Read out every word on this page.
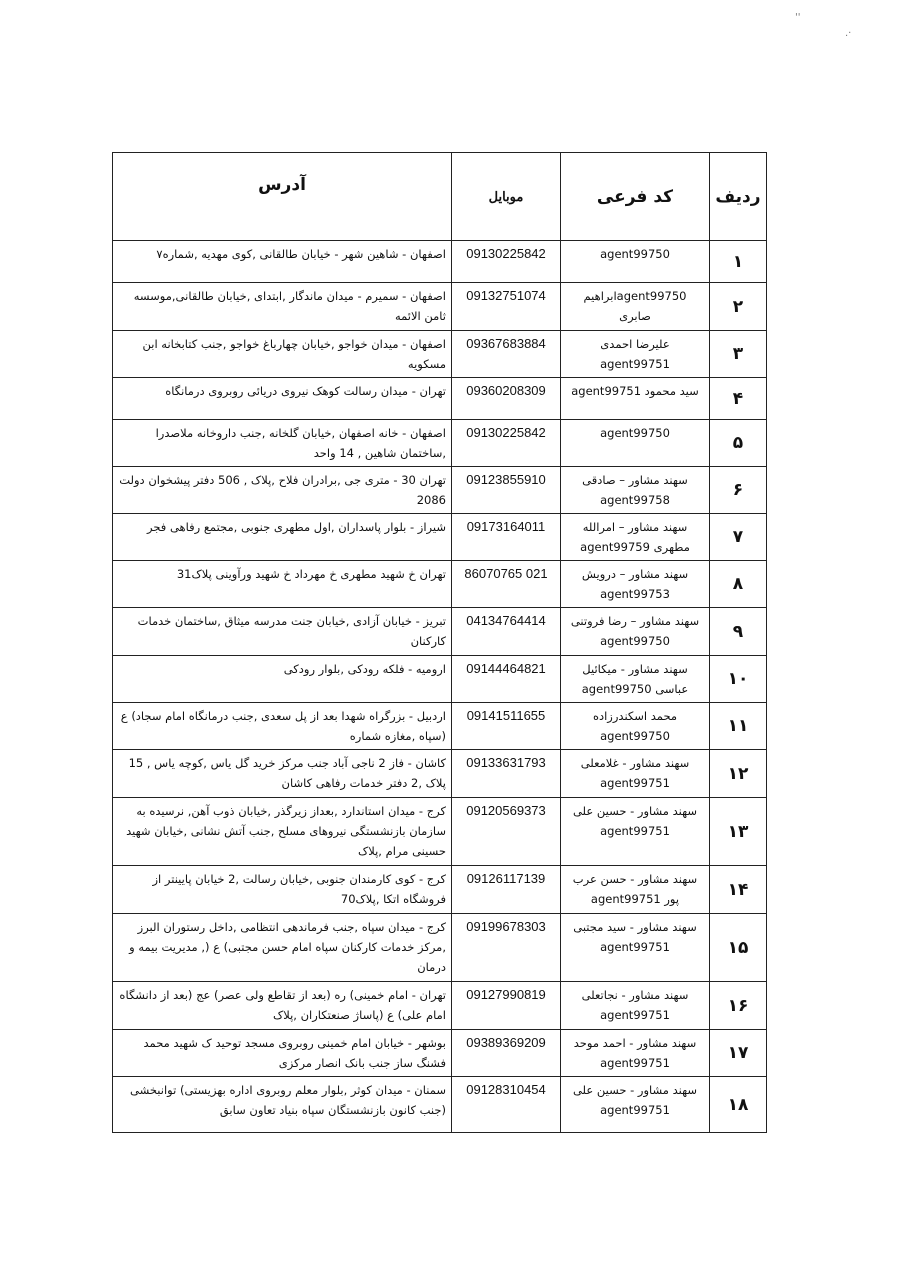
''
.·
ردیف	کد فرعی	موبایل	آدرس
۱	agent99750	09130225842	اصفهان - شاهین شهر - خیابان طالقانی ,کوی مهدیه ,شماره۷
۲	agent99750ابراهیم صابری	09132751074	اصفهان - سمیرم - میدان ماندگار ,ابتدای ,خیابان طالقانی,موسسه ثامن الائمه
۳	علیرضا احمدی agent99751	09367683884	اصفهان - میدان خواجو ,خیابان چهارباغ خواجو ,جنب کتابخانه ابن مسکویه
۴	سید محمود agent99751	09360208309	تهران - میدان رسالت کوهک نیروی دریائی روبروی درمانگاه
۵	agent99750	09130225842	اصفهان - خانه اصفهان ,خیابان گلخانه ,جنب داروخانه ملاصدرا ,ساختمان شاهین , 14 واحد
۶	سهند مشاور – صادقی agent99758	09123855910	تهران 30 - متری جی ,برادران فلاح ,پلاک , 506 دفتر پیشخوان دولت 2086
۷	سهند مشاور – امرالله مطهری agent99759	09173164011	شیراز - بلوار پاسداران ,اول مطهری جنوبی ,مجتمع رفاهی فجر
۸	سهند مشاور – درویش agent99753	86070765 021	تهران خ شهید مطهری خ مهرداد خ شهید ورآوینی پلاک31
۹	سهند مشاور – رضا فروتنی agent99750	04134764414	تبریز - خیابان آزادی ,خیابان جنت مدرسه میثاق ,ساختمان خدمات کارکنان
۱۰	سهند مشاور - میکائیل عباسی agent99750	09144464821	ارومیه - فلکه رودکی ,بلوار رودکی
۱۱	محمد اسکندرزاده agent99750	09141511655	اردبیل - بزرگراه شهدا بعد از پل سعدی ,جنب درمانگاه امام سجاد) ع (سپاه ,مغازه شماره
۱۲	سهند مشاور - غلامعلی agent99751	09133631793	کاشان - فاز 2 ناجی آباد جنب مرکز خرید گل یاس ,کوچه یاس , 15 پلاک ,2 دفتر خدمات رفاهی کاشان
۱۳	سهند مشاور - حسین علی agent99751	09120569373	کرج - میدان استاندارد ,بعداز زیرگذر ,خیابان ذوب آهن, نرسیده به سازمان بازنشستگی نیروهای مسلح ,جنب آتش نشانی ,خیابان شهید حسینی مرام ,پلاک
۱۴	سهند مشاور - حسن عرب پور agent99751	09126117139	کرج - کوی کارمندان جنوبی ,خیابان رسالت ,2 خیابان پایینتر از فروشگاه اتکا ,پلاک70
۱۵	سهند مشاور - سید مجتبی agent99751	09199678303	کرج - میدان سپاه ,جنب فرماندهی انتظامی ,داخل رستوران البرز ,مرکز خدمات کارکنان سپاه امام حسن مجتبی) ع (, مدیریت بیمه و درمان
۱۶	سهند مشاور - نجاتعلی agent99751	09127990819	تهران - امام خمینی) ره (بعد از تقاطع ولی عصر) عج (بعد از دانشگاه امام علی) ع (پاساژ صنعتکاران ,پلاک
۱۷	سهند مشاور - احمد موحد agent99751	09389369209	بوشهر - خیابان امام خمینی روبروی مسجد توحید ک شهید محمد فشنگ ساز جنب بانک انصار مرکزی
۱۸	سهند مشاور - حسین علی agent99751	09128310454	سمنان - میدان کوثر ,بلوار معلم روبروی اداره بهزیستی) توانبخشی (جنب کانون بازنشستگان سپاه بنیاد تعاون سابق
